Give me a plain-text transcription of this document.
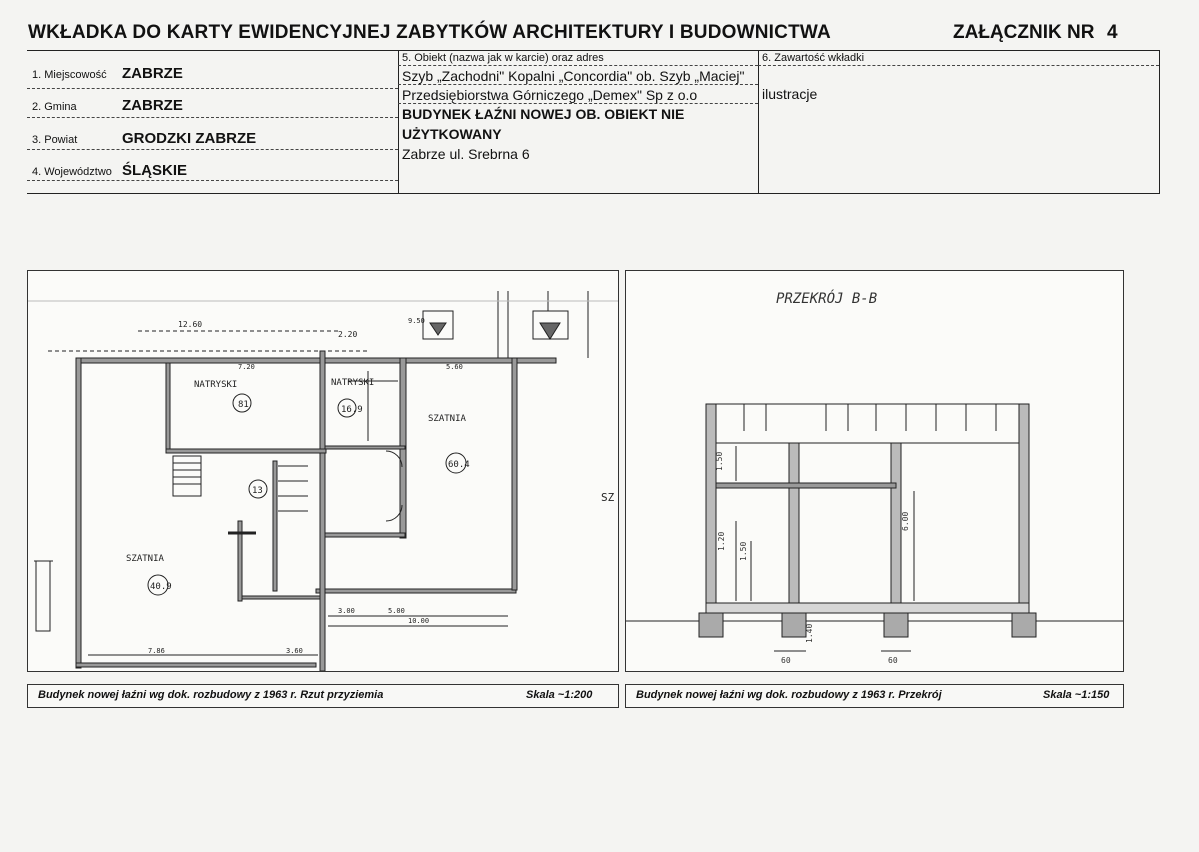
WKŁADKA DO KARTY EWIDENCYJNEJ ZABYTKÓW ARCHITEKTURY I BUDOWNICTWA	ZAŁĄCZNIK NR 4
1. Miejscowość ZABRZE
2. Gmina	ZABRZE
3. Powiat	GRODZKI ZABRZE
4. Województwo ŚLĄSKIE
5. Obiekt (nazwa jak w karcie) oraz adres
Szyb „Zachodni" Kopalni „Concordia" ob. Szyb „Maciej"
Przedsiębiorstwa Górniczego „Demex" Sp z o.o
BUDYNEK ŁAŹNI NOWEJ OB. OBIEKT NIE
UŻYTKOWANY
Zabrze ul. Srebrna 6
6. Zawartość wkładki
ilustracje
NATRYSKI	NATRYSKI
SZATNIA
SZATNIA
SZ
81	16.9
60.4
13
40.9
12.60
2.20
7.20	5.60
9.50
3.00	5.00
10.00
7.86	3.60
PRZEKRÓJ B-B
1.50
1.20
1.50
6.00
60	60
1.40
Budynek nowej łaźni wg dok. rozbudowy z 1963 r. Rzut przyziemia	Skala ~1:200	Budynek nowej łaźni wg dok. rozbudowy z 1963 r. Przekrój	Skala ~1:150
